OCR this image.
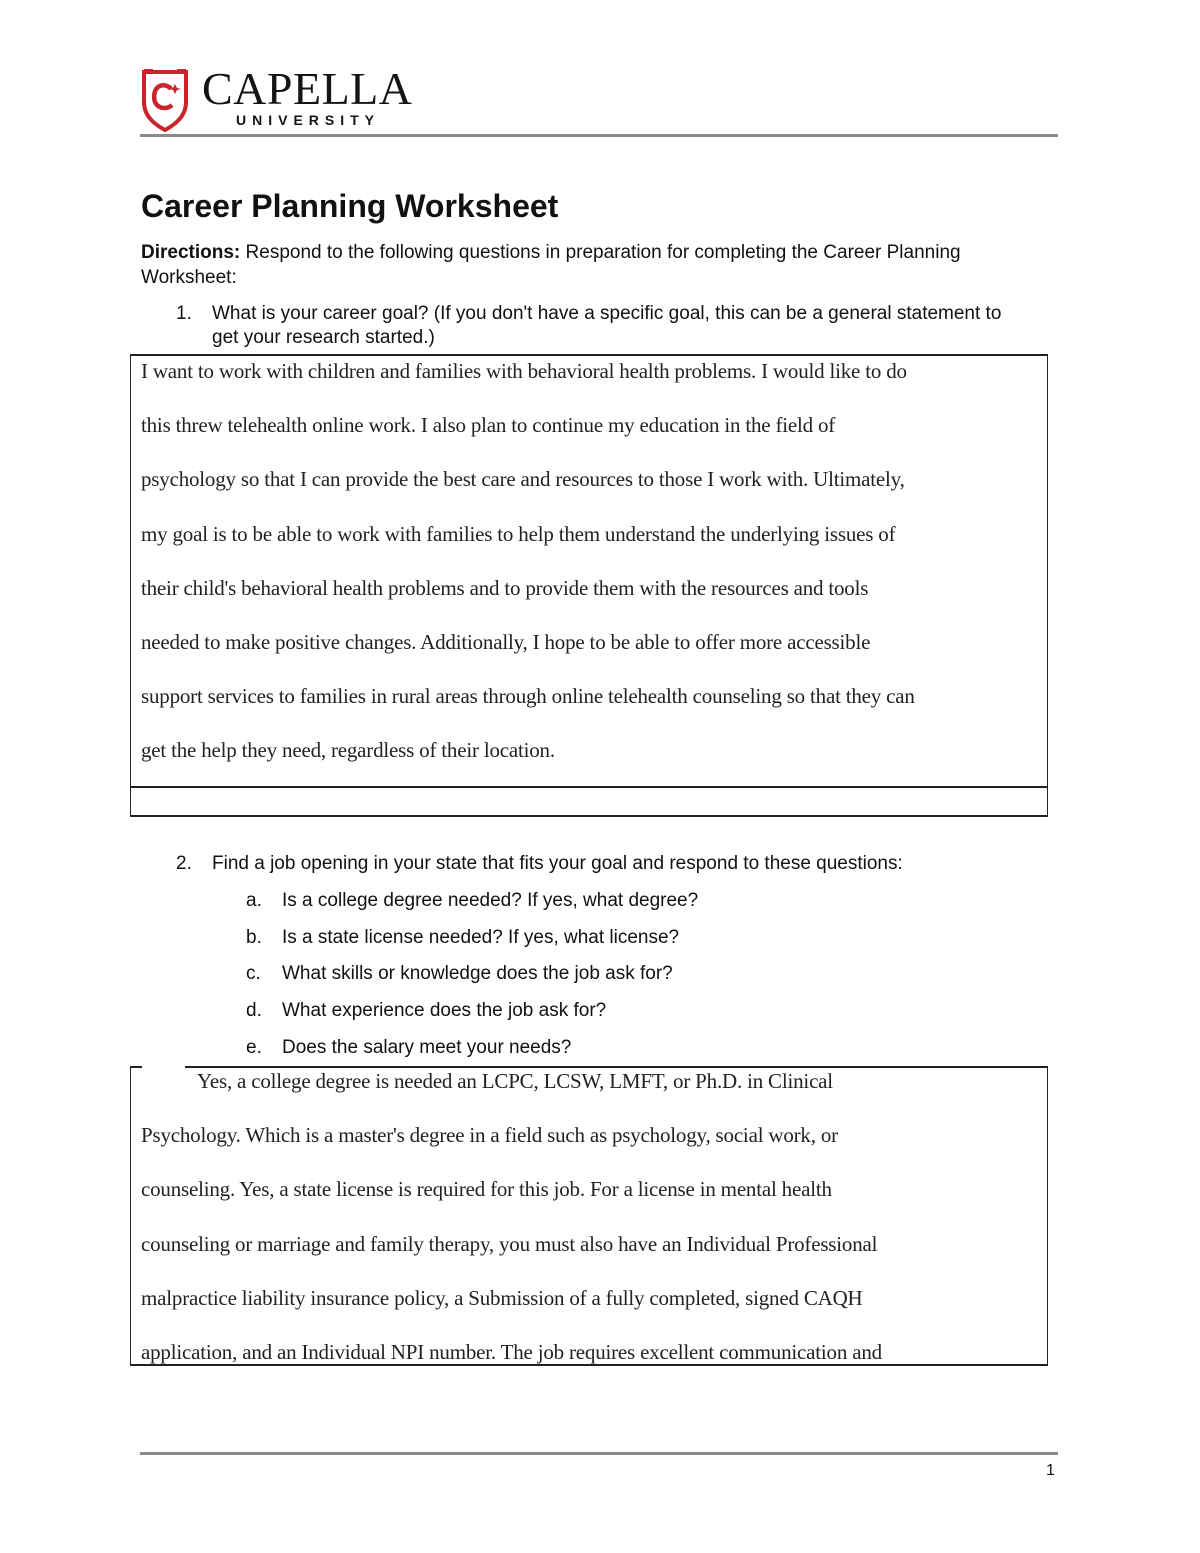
CAPELLA
UNIVERSITY
Career Planning Worksheet
Directions: Respond to the following questions in preparation for completing the Career Planning Worksheet:
1. What is your career goal? (If you don't have a specific goal, this can be a general statement to get your research started.)
I want to work with children and families with behavioral health problems. I would like to do
this threw telehealth online work. I also plan to continue my education in the field of
psychology so that I can provide the best care and resources to those I work with. Ultimately,
my goal is to be able to work with families to help them understand the underlying issues of
their child's behavioral health problems and to provide them with the resources and tools
needed to make positive changes. Additionally, I hope to be able to offer more accessible
support services to families in rural areas through online telehealth counseling so that they can
get the help they need, regardless of their location.
2. Find a job opening in your state that fits your goal and respond to these questions:
a. Is a college degree needed? If yes, what degree?
b. Is a state license needed? If yes, what license?
c. What skills or knowledge does the job ask for?
d. What experience does the job ask for?
e. Does the salary meet your needs?
Yes, a college degree is needed an LCPC, LCSW, LMFT, or Ph.D. in Clinical
Psychology. Which is a master's degree in a field such as psychology, social work, or
counseling. Yes, a state license is required for this job. For a license in mental health
counseling or marriage and family therapy, you must also have an Individual Professional
malpractice liability insurance policy, a Submission of a fully completed, signed CAQH
application, and an Individual NPI number. The job requires excellent communication and
1
